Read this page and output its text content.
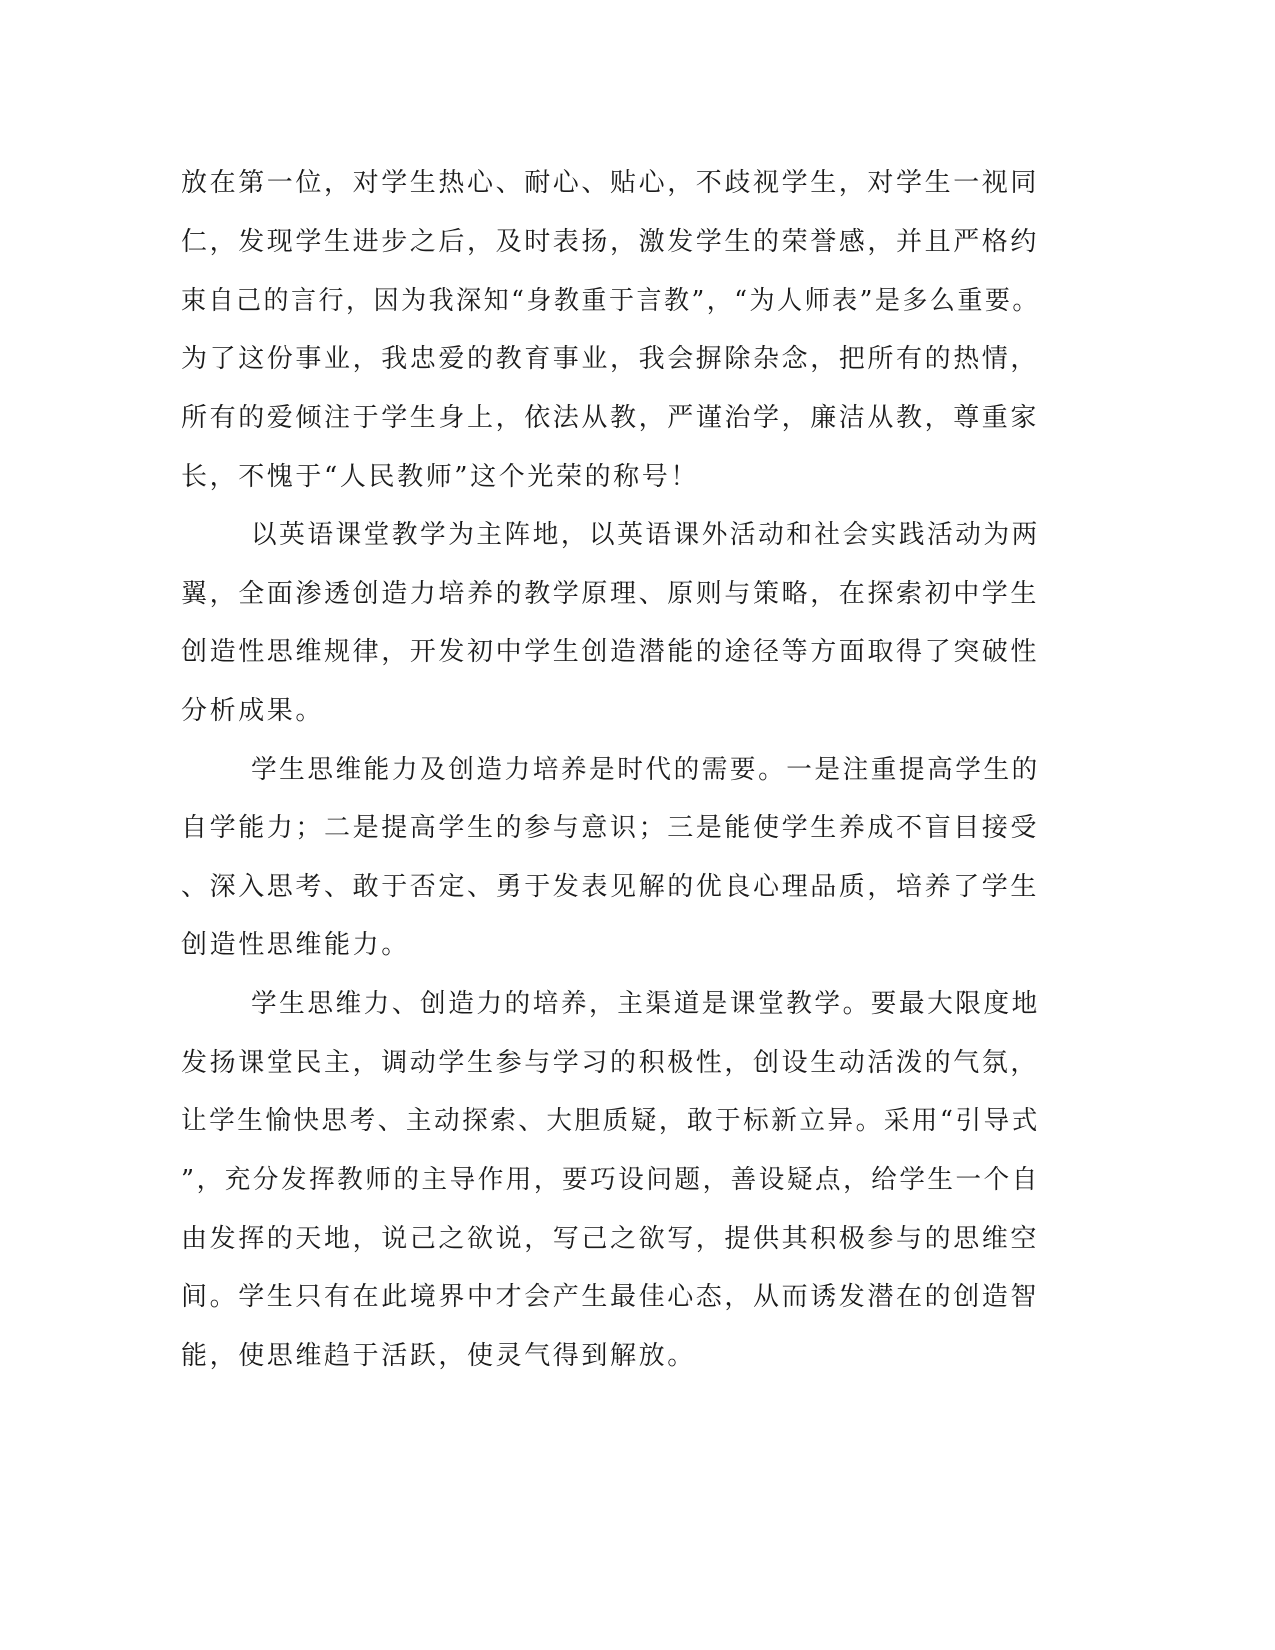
放在第一位，对学生热心、耐心、贴心，不歧视学生，对学生一视同
仁，发现学生进步之后，及时表扬，激发学生的荣誉感，并且严格约
束自己的言行，因为我深知“身教重于言教”，“为人师表”是多么重要。
为了这份事业，我忠爱的教育事业，我会摒除杂念，把所有的热情，
所有的爱倾注于学生身上，依法从教，严谨治学，廉洁从教，尊重家
长，不愧于“人民教师”这个光荣的称号！
以英语课堂教学为主阵地，以英语课外活动和社会实践活动为两
翼，全面渗透创造力培养的教学原理、原则与策略，在探索初中学生
创造性思维规律，开发初中学生创造潜能的途径等方面取得了突破性
分析成果。
学生思维能力及创造力培养是时代的需要。一是注重提高学生的
自学能力；二是提高学生的参与意识；三是能使学生养成不盲目接受
、深入思考、敢于否定、勇于发表见解的优良心理品质，培养了学生
创造性思维能力。
学生思维力、创造力的培养，主渠道是课堂教学。要最大限度地
发扬课堂民主，调动学生参与学习的积极性，创设生动活泼的气氛，
让学生愉快思考、主动探索、大胆质疑，敢于标新立异。采用“引导式
”，充分发挥教师的主导作用，要巧设问题，善设疑点，给学生一个自
由发挥的天地，说己之欲说，写己之欲写，提供其积极参与的思维空
间。学生只有在此境界中才会产生最佳心态，从而诱发潜在的创造智
能，使思维趋于活跃，使灵气得到解放。
